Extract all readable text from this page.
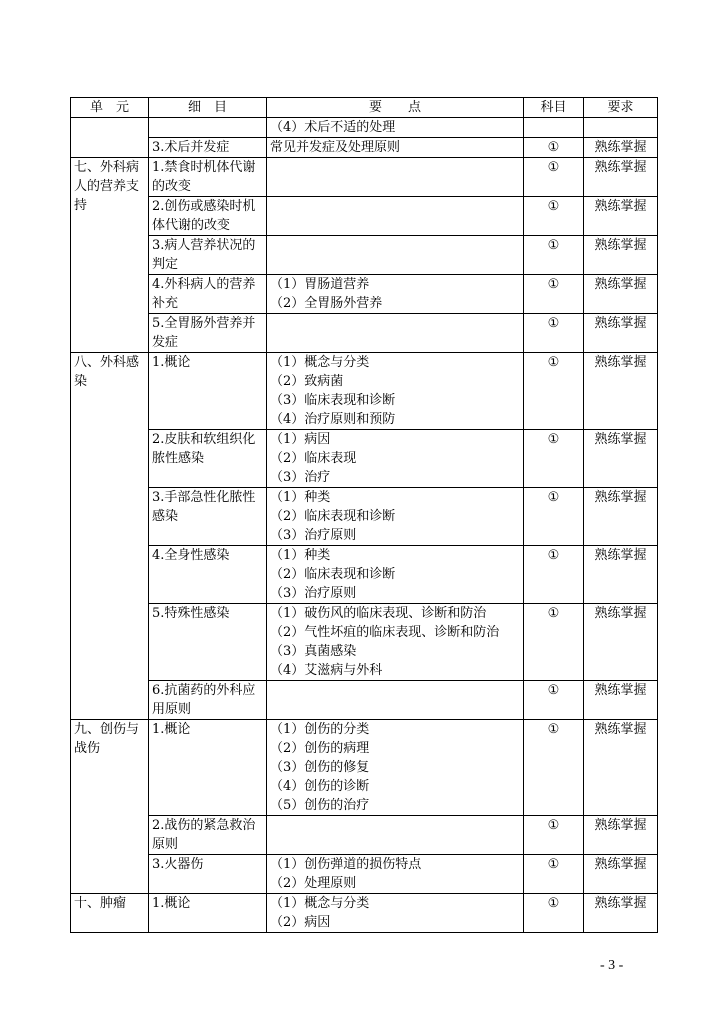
单　元	细　目	要　　点	科目	要求

		（4）术后不适的处理		

	3.术后并发症	常见并发症及处理原则	①	熟练掌握
七、外科病人的营养支持	1.禁食时机体代谢的改变		①	熟练掌握
	2.创伤或感染时机体代谢的改变		①	熟练掌握
	3.病人营养状况的判定		①	熟练掌握
	4.外科病人的营养补充	（1）胃肠道营养
（2）全胃肠外营养	①	熟练掌握
	5.全胃肠外营养并发症		①	熟练掌握
八、外科感染	1.概论	（1）概念与分类
（2）致病菌
（3）临床表现和诊断
（4）治疗原则和预防	①	熟练掌握
	2.皮肤和软组织化脓性感染	（1）病因
（2）临床表现
（3）治疗	①	熟练掌握
	3.手部急性化脓性感染	（1）种类
（2）临床表现和诊断
（3）治疗原则	①	熟练掌握
	4.全身性感染	（1）种类
（2）临床表现和诊断
（3）治疗原则	①	熟练掌握
	5.特殊性感染	（1）破伤风的临床表现、诊断和防治
（2）气性坏疽的临床表现、诊断和防治
（3）真菌感染
（4）艾滋病与外科	①	熟练掌握
	6.抗菌药的外科应用原则		①	熟练掌握
九、创伤与战伤	1.概论	（1）创伤的分类
（2）创伤的病理
（3）创伤的修复
（4）创伤的诊断
（5）创伤的治疗	①	熟练掌握
	2.战伤的紧急救治原则		①	熟练掌握
	3.火器伤	（1）创伤弹道的损伤特点
（2）处理原则	①	熟练掌握
十、肿瘤	1.概论	（1）概念与分类
（2）病因	①	熟练掌握
- 3 -
